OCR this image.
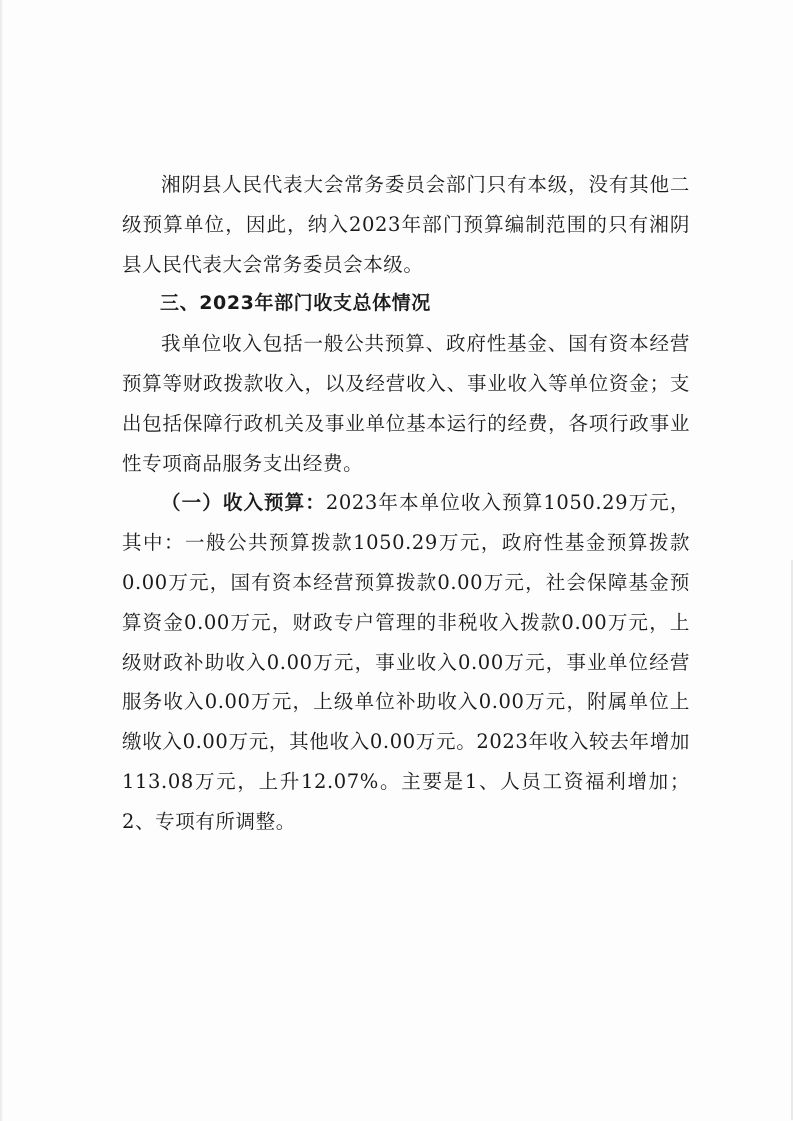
湘阴县人民代表大会常务委员会部门只有本级，没有其他二级预算单位，因此，纳入2023年部门预算编制范围的只有湘阴县人民代表大会常务委员会本级。

三、2023年部门收支总体情况

我单位收入包括一般公共预算、政府性基金、国有资本经营预算等财政拨款收入，以及经营收入、事业收入等单位资金；支出包括保障行政机关及事业单位基本运行的经费，各项行政事业性专项商品服务支出经费。

（一）收入预算：2023年本单位收入预算1050.29万元，其中：一般公共预算拨款1050.29万元，政府性基金预算拨款0.00万元，国有资本经营预算拨款0.00万元，社会保障基金预算资金0.00万元，财政专户管理的非税收入拨款0.00万元，上级财政补助收入0.00万元，事业收入0.00万元，事业单位经营服务收入0.00万元，上级单位补助收入0.00万元，附属单位上缴收入0.00万元，其他收入0.00万元。2023年收入较去年增加113.08万元，上升12.07%。主要是1、人员工资福利增加；2、专项有所调整。
